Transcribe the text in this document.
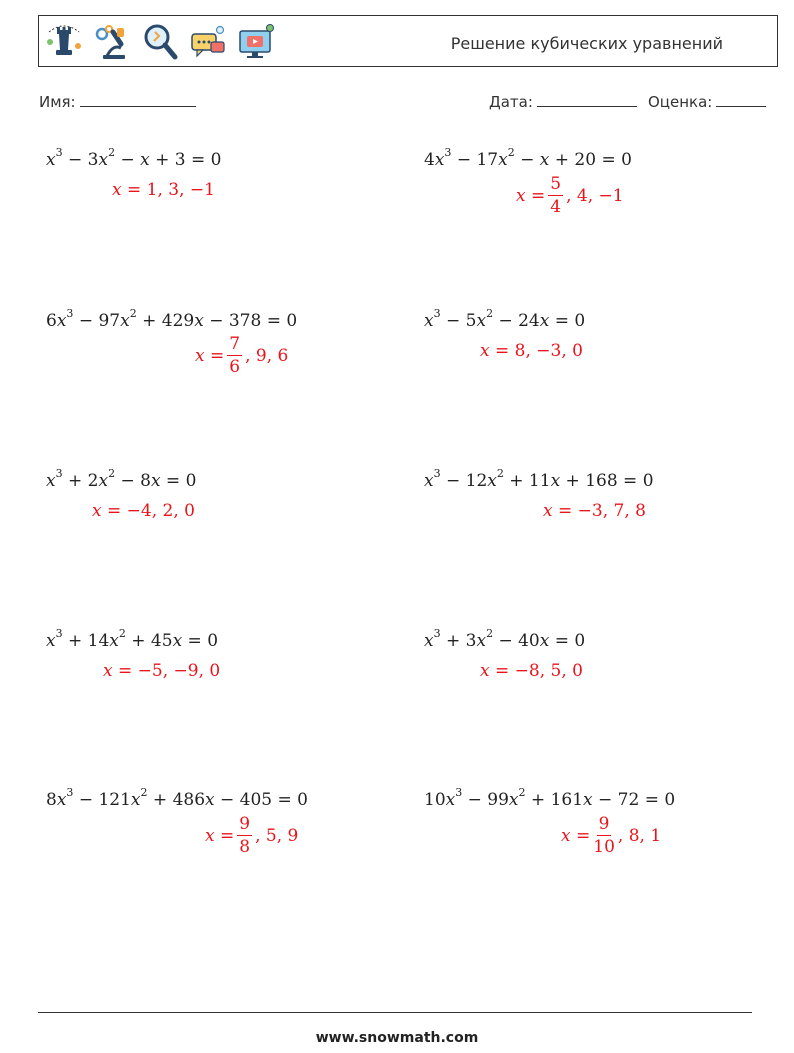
Решение кубических уравнений
Имя:	Дата:	Оценка:
$x^3 - 3x^2 - x + 3 = 0$
x = 1, 3, −1
$4x^3 - 17x^2 - x + 20 = 0$
$x = \frac{5}{4}$ , 4, −1
$6x^3 - 97x^2 + 429x - 378 = 0$
$x = \frac{7}{6}$ , 9, 6
$x^3 - 5x^2 - 24x = 0$
x = 8, −3, 0
$x^3 + 2x^2 - 8x = 0$
x = −4, 2, 0
$x^3 - 12x^2 + 11x + 168 = 0$
x = −3, 7, 8
$x^3 + 14x^2 + 45x = 0$
x = −5, −9, 0
$x^3 + 3x^2 - 40x = 0$
x = −8, 5, 0
$8x^3 - 121x^2 + 486x - 405 = 0$
$x = \frac{9}{8}$ , 5, 9
$10x^3 - 99x^2 + 161x - 72 = 0$
$x = \frac{9}{10}$ , 8, 1
www.snowmath.com
